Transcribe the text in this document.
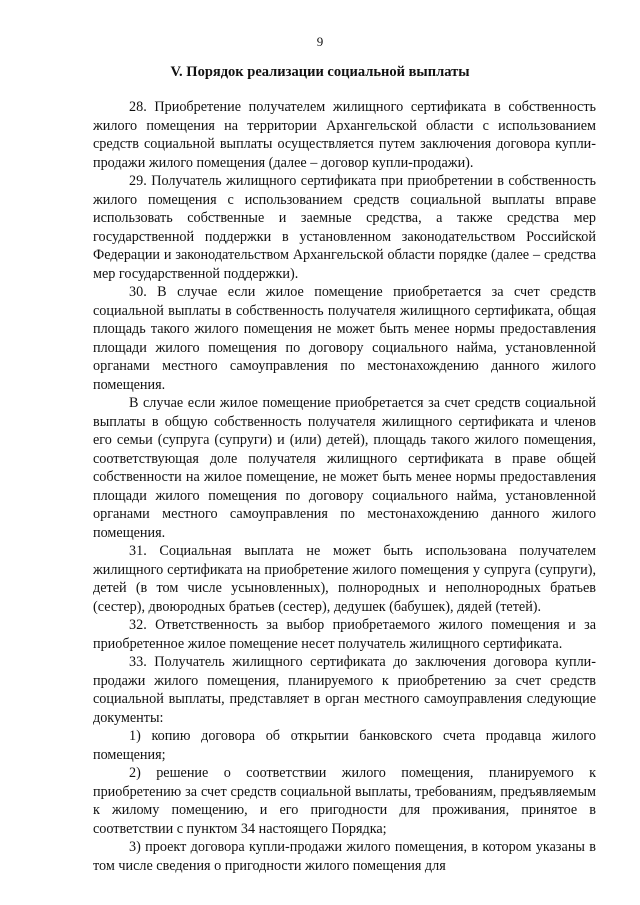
9
V. Порядок реализации социальной выплаты

28. Приобретение получателем жилищного сертификата в собственность жилого помещения на территории Архангельской области с использованием средств социальной выплаты осуществляется путем заключения договора купли-продажи жилого помещения (далее – договор купли-продажи).

29. Получатель жилищного сертификата при приобретении в собственность жилого помещения с использованием средств социальной выплаты вправе использовать собственные и заемные средства, а также средства мер государственной поддержки в установленном законодательством Российской Федерации и законодательством Архангельской области порядке (далее – средства мер государственной поддержки).

30. В случае если жилое помещение приобретается за счет средств социальной выплаты в собственность получателя жилищного сертификата, общая площадь такого жилого помещения не может быть менее нормы предоставления площади жилого помещения по договору социального найма, установленной органами местного самоуправления по местонахождению данного жилого помещения.

В случае если жилое помещение приобретается за счет средств социальной выплаты в общую собственность получателя жилищного сертификата и членов его семьи (супруга (супруги) и (или) детей), площадь такого жилого помещения, соответствующая доле получателя жилищного сертификата в праве общей собственности на жилое помещение, не может быть менее нормы предоставления площади жилого помещения по договору социального найма, установленной органами местного самоуправления по местонахождению данного жилого помещения.

31. Социальная выплата не может быть использована получателем жилищного сертификата на приобретение жилого помещения у супруга (супруги), детей (в том числе усыновленных), полнородных и неполнородных братьев (сестер), двоюродных братьев (сестер), дедушек (бабушек), дядей (тетей).

32. Ответственность за выбор приобретаемого жилого помещения и за приобретенное жилое помещение несет получатель жилищного сертификата.

33. Получатель жилищного сертификата до заключения договора купли-продажи жилого помещения, планируемого к приобретению за счет средств социальной выплаты, представляет в орган местного самоуправления следующие документы:

1) копию договора об открытии банковского счета продавца жилого помещения;

2) решение о соответствии жилого помещения, планируемого к приобретению за счет средств социальной выплаты, требованиям, предъявляемым к жилому помещению, и его пригодности для проживания, принятое в соответствии с пунктом 34 настоящего Порядка;

3) проект договора купли-продажи жилого помещения, в котором указаны в том числе сведения о пригодности жилого помещения для
